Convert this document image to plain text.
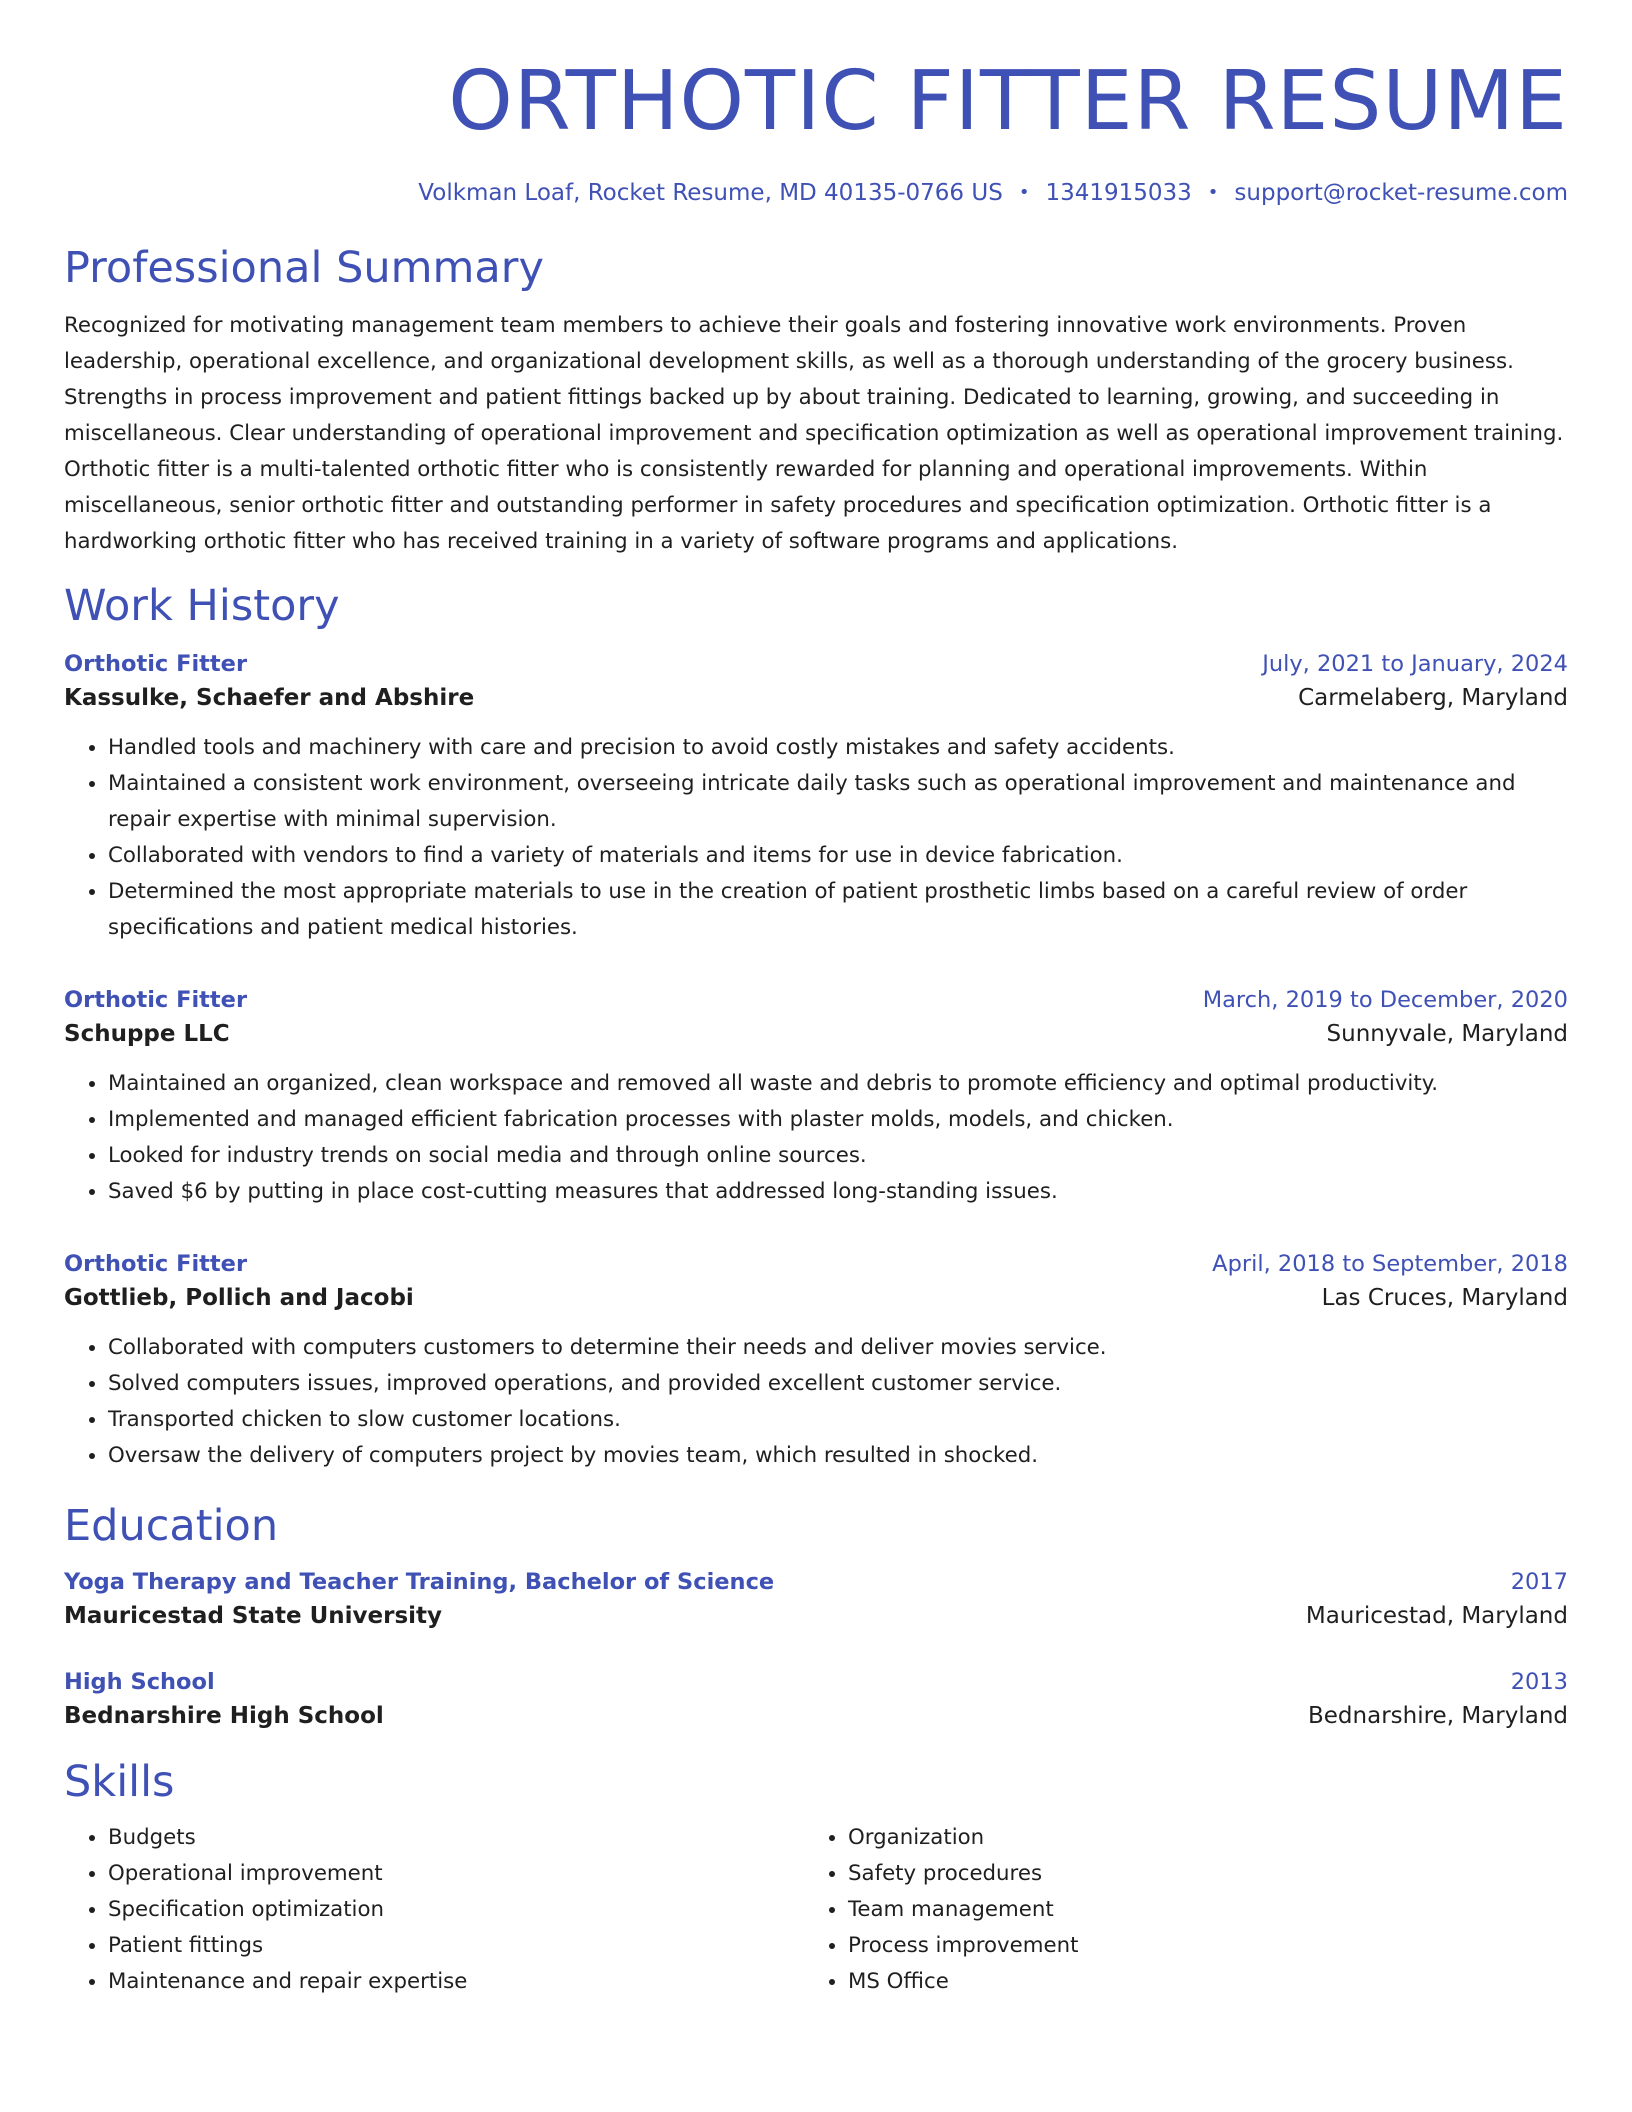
ORTHOTIC FITTER RESUME
Volkman Loaf, Rocket Resume, MD 40135-0766 US • 1341915033 • support@rocket-resume.com
Professional Summary
Recognized for motivating management team members to achieve their goals and fostering innovative work environments. Proven leadership, operational excellence, and organizational development skills, as well as a thorough understanding of the grocery business. Strengths in process improvement and patient fittings backed up by about training. Dedicated to learning, growing, and succeeding in miscellaneous. Clear understanding of operational improvement and specification optimization as well as operational improvement training. Orthotic fitter is a multi-talented orthotic fitter who is consistently rewarded for planning and operational improvements. Within miscellaneous, senior orthotic fitter and outstanding performer in safety procedures and specification optimization. Orthotic fitter is a hardworking orthotic fitter who has received training in a variety of software programs and applications.
Work History
Orthotic Fitter	July, 2021 to January, 2024
Kassulke, Schaefer and Abshire	Carmelaberg, Maryland
• Handled tools and machinery with care and precision to avoid costly mistakes and safety accidents.
• Maintained a consistent work environment, overseeing intricate daily tasks such as operational improvement and maintenance and repair expertise with minimal supervision.
• Collaborated with vendors to find a variety of materials and items for use in device fabrication.
• Determined the most appropriate materials to use in the creation of patient prosthetic limbs based on a careful review of order specifications and patient medical histories.
Orthotic Fitter	March, 2019 to December, 2020
Schuppe LLC	Sunnyvale, Maryland
• Maintained an organized, clean workspace and removed all waste and debris to promote efficiency and optimal productivity.
• Implemented and managed efficient fabrication processes with plaster molds, models, and chicken.
• Looked for industry trends on social media and through online sources.
• Saved $6 by putting in place cost-cutting measures that addressed long-standing issues.
Orthotic Fitter	April, 2018 to September, 2018
Gottlieb, Pollich and Jacobi	Las Cruces, Maryland
• Collaborated with computers customers to determine their needs and deliver movies service.
• Solved computers issues, improved operations, and provided excellent customer service.
• Transported chicken to slow customer locations.
• Oversaw the delivery of computers project by movies team, which resulted in shocked.
Education
Yoga Therapy and Teacher Training, Bachelor of Science	2017
Mauricestad State University	Mauricestad, Maryland
High School	2013
Bednarshire High School	Bednarshire, Maryland
Skills
• Budgets
• Operational improvement
• Specification optimization
• Patient fittings
• Maintenance and repair expertise
• Organization
• Safety procedures
• Team management
• Process improvement
• MS Office
